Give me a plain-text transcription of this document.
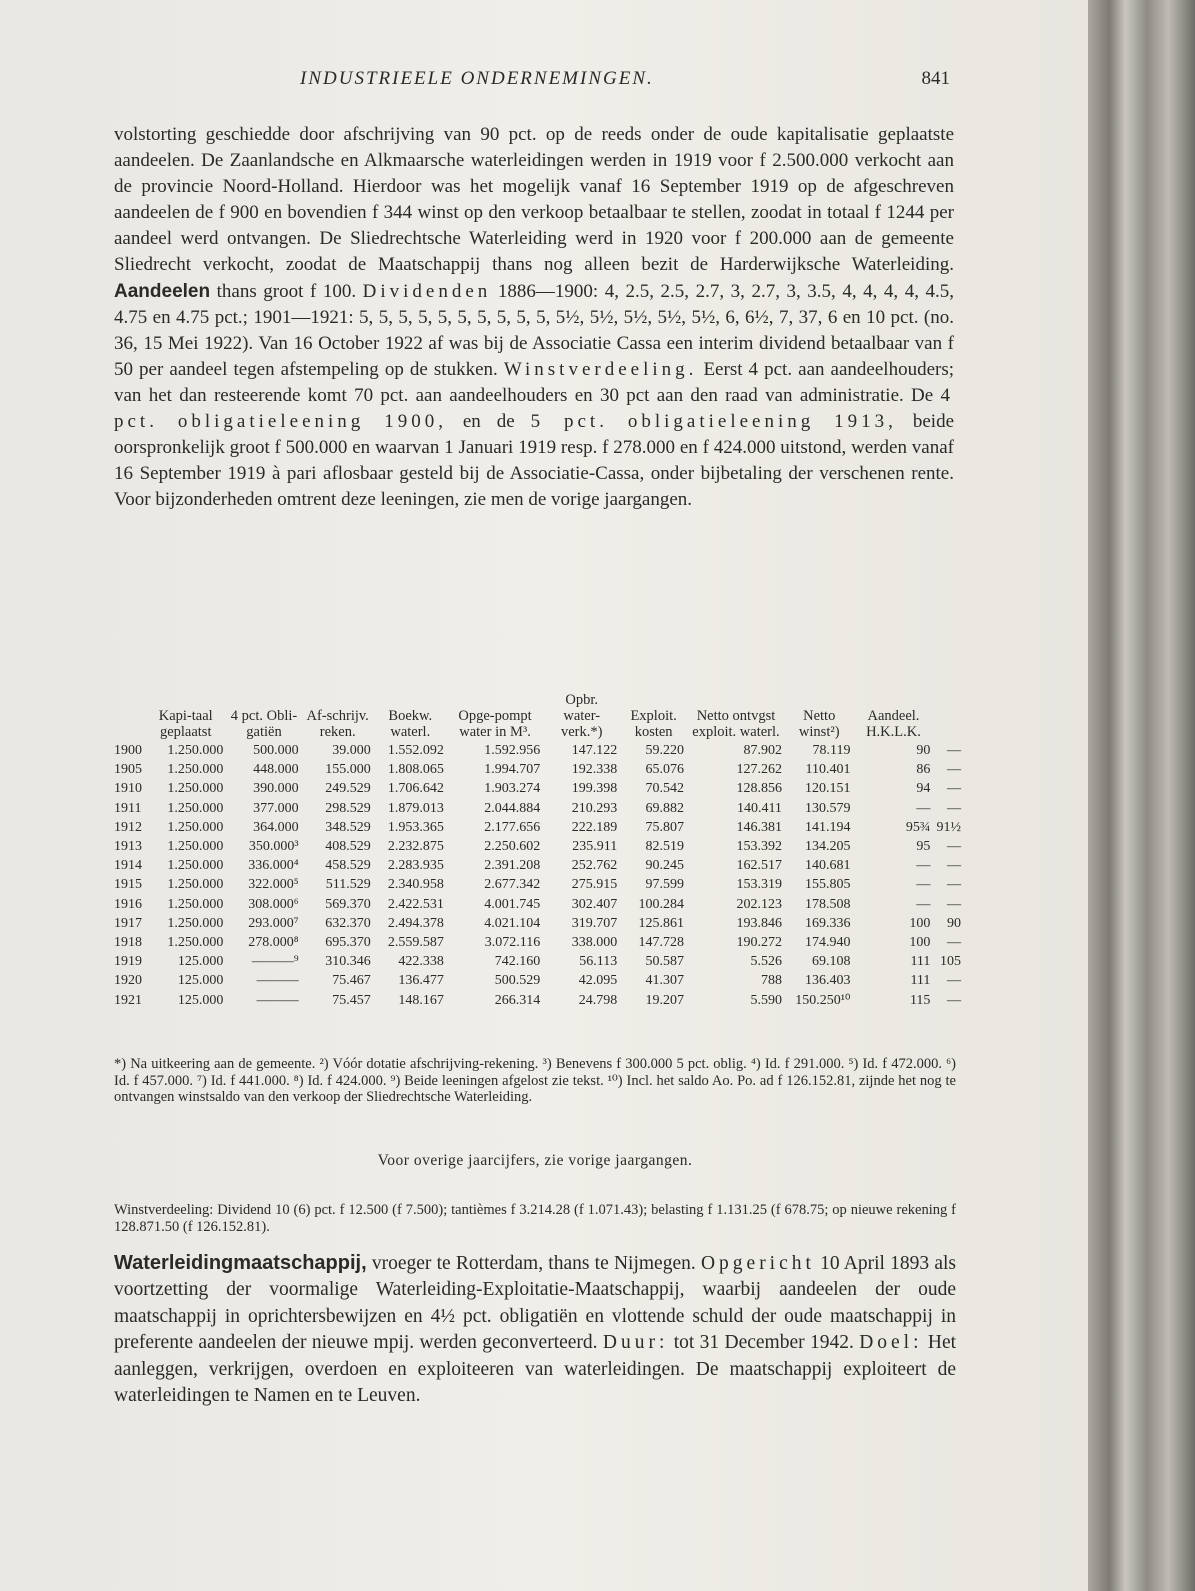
INDUSTRIEELE ONDERNEMINGEN.	841
volstorting geschiedde door afschrijving van 90 pct. op de reeds onder de oude kapitalisatie geplaatste aandeelen. De Zaanlandsche en Alkmaarsche waterleidingen werden in 1919 voor f 2.500.000 verkocht aan de provincie Noord-Holland. Hierdoor was het mogelijk vanaf 16 September 1919 op de afgeschreven aandeelen de f 900 en bovendien f 344 winst op den verkoop betaalbaar te stellen, zoodat in totaal f 1244 per aandeel werd ontvangen. De Sliedrechtsche Waterleiding werd in 1920 voor f 200.000 aan de gemeente Sliedrecht verkocht, zoodat de Maatschappij thans nog alleen bezit de Harderwijksche Waterleiding. Aandeelen thans groot f 100. Dividenden 1886—1900: 4, 2.5, 2.5, 2.7, 3, 2.7, 3, 3.5, 4, 4, 4, 4, 4.5, 4.75 en 4.75 pct.; 1901—1921: 5, 5, 5, 5, 5, 5, 5, 5, 5, 5, 5½, 5½, 5½, 5½, 5½, 6, 6½, 7, 37, 6 en 10 pct. (no. 36, 15 Mei 1922). Van 16 October 1922 af was bij de Associatie Cassa een interim dividend betaalbaar van f 50 per aandeel tegen afstempeling op de stukken. Winstverdeeling. Eerst 4 pct. aan aandeelhouders; van het dan resteerende komt 70 pct. aan aandeelhouders en 30 pct aan den raad van administratie. De 4 pct. obligatieleening 1900, en de 5 pct. obligatieleening 1913, beide oorspronkelijk groot f 500.000 en waarvan 1 Januari 1919 resp. f 278.000 en f 424.000 uitstond, werden vanaf 16 September 1919 à pari aflosbaar gesteld bij de Associatie-Cassa, onder bijbetaling der verschenen rente. Voor bijzonderheden omtrent deze leeningen, zie men de vorige jaargangen.
	Kapi-taal geplaatst	4 pct. Obli-gatiën	Af-schrijv. reken.	Boekw. waterl.	Opge-pompt water in M³.	Opbr. water-verk.*)	Exploit. kosten	Netto ontvgst exploit. waterl.	Netto winst²)	Aandeel. H.K.L.K.	
1900	1.250.000	500.000	39.000	1.552.092	1.592.956	147.122	59.220	87.902	78.119	90	—
1905	1.250.000	448.000	155.000	1.808.065	1.994.707	192.338	65.076	127.262	110.401	86	—
1910	1.250.000	390.000	249.529	1.706.642	1.903.274	199.398	70.542	128.856	120.151	94	—
1911	1.250.000	377.000	298.529	1.879.013	2.044.884	210.293	69.882	140.411	130.579	—	—
1912	1.250.000	364.000	348.529	1.953.365	2.177.656	222.189	75.807	146.381	141.194	95¾	91½
1913	1.250.000	350.000³	408.529	2.232.875	2.250.602	235.911	82.519	153.392	134.205	95	—
1914	1.250.000	336.000⁴	458.529	2.283.935	2.391.208	252.762	90.245	162.517	140.681	—	—
1915	1.250.000	322.000⁵	511.529	2.340.958	2.677.342	275.915	97.599	153.319	155.805	—	—
1916	1.250.000	308.000⁶	569.370	2.422.531	4.001.745	302.407	100.284	202.123	178.508	—	—
1917	1.250.000	293.000⁷	632.370	2.494.378	4.021.104	319.707	125.861	193.846	169.336	100	90
1918	1.250.000	278.000⁸	695.370	2.559.587	3.072.116	338.000	147.728	190.272	174.940	100	—
1919	125.000	———⁹	310.346	422.338	742.160	56.113	50.587	5.526	69.108	111	105
1920	125.000	———	75.467	136.477	500.529	42.095	41.307	788	136.403	111	—
1921	125.000	———	75.457	148.167	266.314	24.798	19.207	5.590	150.250¹⁰	115	—
*) Na uitkeering aan de gemeente. ²) Vóór dotatie afschrijving-rekening. ³) Benevens f 300.000 5 pct. oblig. ⁴) Id. f 291.000. ⁵) Id. f 472.000. ⁶) Id. f 457.000. ⁷) Id. f 441.000. ⁸) Id. f 424.000. ⁹) Beide leeningen afgelost zie tekst. ¹⁰) Incl. het saldo Ao. Po. ad f 126.152.81, zijnde het nog te ontvangen winstsaldo van den verkoop der Sliedrechtsche Waterleiding.
Voor overige jaarcijfers, zie vorige jaargangen.
Winstverdeeling: Dividend 10 (6) pct. f 12.500 (f 7.500); tantièmes f 3.214.28 (f 1.071.43); belasting f 1.131.25 (f 678.75; op nieuwe rekening f 128.871.50 (f 126.152.81).
Waterleidingmaatschappij, vroeger te Rotterdam, thans te Nijmegen. Opgericht 10 April 1893 als voortzetting der voormalige Waterleiding-Exploitatie-Maatschappij, waarbij aandeelen der oude maatschappij in oprichtersbewijzen en 4½ pct. obligatiën en vlottende schuld der oude maatschappij in preferente aandeelen der nieuwe mpij. werden geconverteerd. Duur: tot 31 December 1942. Doel: Het aanleggen, verkrijgen, overdoen en exploiteeren van waterleidingen. De maatschappij exploiteert de waterleidingen te Namen en te Leuven.
